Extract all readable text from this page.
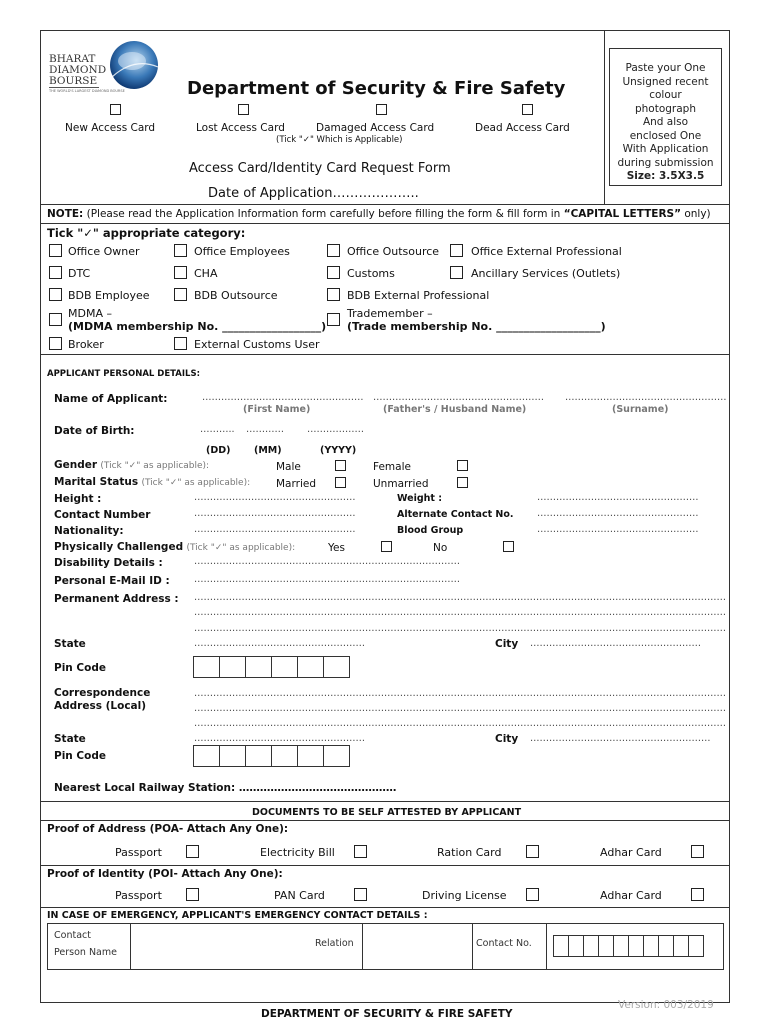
BHARAT
DIAMOND
BOURSE
THE WORLD'S LARGEST DIAMOND BOURSE	Department of Security & Fire Safety
New Access Card	Lost Access Card	Damaged Access Card	Dead Access Card
(Tick "✓" Which is Applicable)
Access Card/Identity Card Request Form
Date of Application………………..
Paste your One
Unsigned recent
colour
photograph
And also
enclosed One
With Application
during submission
Size: 3.5X3.5
NOTE: (Please read the Application Information form carefully before filling the form & fill form in “CAPITAL LETTERS” only)
Tick "✓" appropriate category:
Office Owner	Office Employees	Office Outsource	Office External Professional
DTC	CHA	Customs	Ancillary Services (Outlets)
BDB Employee	BDB Outsource	BDB External Professional
MDMA –
(MDMA membership No. __________________)
Trademember –
(Trade membership No. ___________________)
Broker	External Customs User
APPLICANT PERSONAL DETAILS:
Name of Applicant:	…………………………………………… ……………………………………………… ……………………………………………
(First Name)	(Father's / Husband Name)	(Surname)
Date of Birth:	……….. …………	………………
(DD) (MM)	(YYYY)
Gender (Tick "✓" as applicable):	Male	Female
Marital Status (Tick "✓" as applicable): Married	Unmarried
Height :	……………………………………………	Weight :	……………………………………………
Contact Number	……………………………………………	Alternate Contact No. ……………………………………………
Nationality:	……………………………………………	Blood Group	……………………………………………
Physically Challenged (Tick "✓" as applicable):	Yes	No
Disability Details :	…………………………………………………………………………
Personal E-Mail ID :	…………………………………………………………………………
Permanent Address : ……………………………………………………………………………………………………………………………………………………
……………………………………………………………………………………………………………………………………………………
……………………………………………………………………………………………………………………………………………………
State	………………………………………………	City ………………………………………………
Pin Code
Correspondence
Address (Local)
……………………………………………………………………………………………………………………………………………………
……………………………………………………………………………………………………………………………………………………
……………………………………………………………………………………………………………………………………………………
State	………………………………………………	City …………………………………………………
Pin Code
Nearest Local Railway Station: ………………………………………
DOCUMENTS TO BE SELF ATTESTED BY APPLICANT
Proof of Address (POA- Attach Any One):
Passport	Electricity Bill	Ration Card	Adhar Card
Proof of Identity (POI- Attach Any One):
Passport	PAN Card	Driving License	Adhar Card
IN CASE OF EMERGENCY, APPLICANT'S EMERGENCY CONTACT DETAILS :
Contact
Person Name
Relation	Contact No.
Version: 003/2019
DEPARTMENT OF SECURITY & FIRE SAFETY
